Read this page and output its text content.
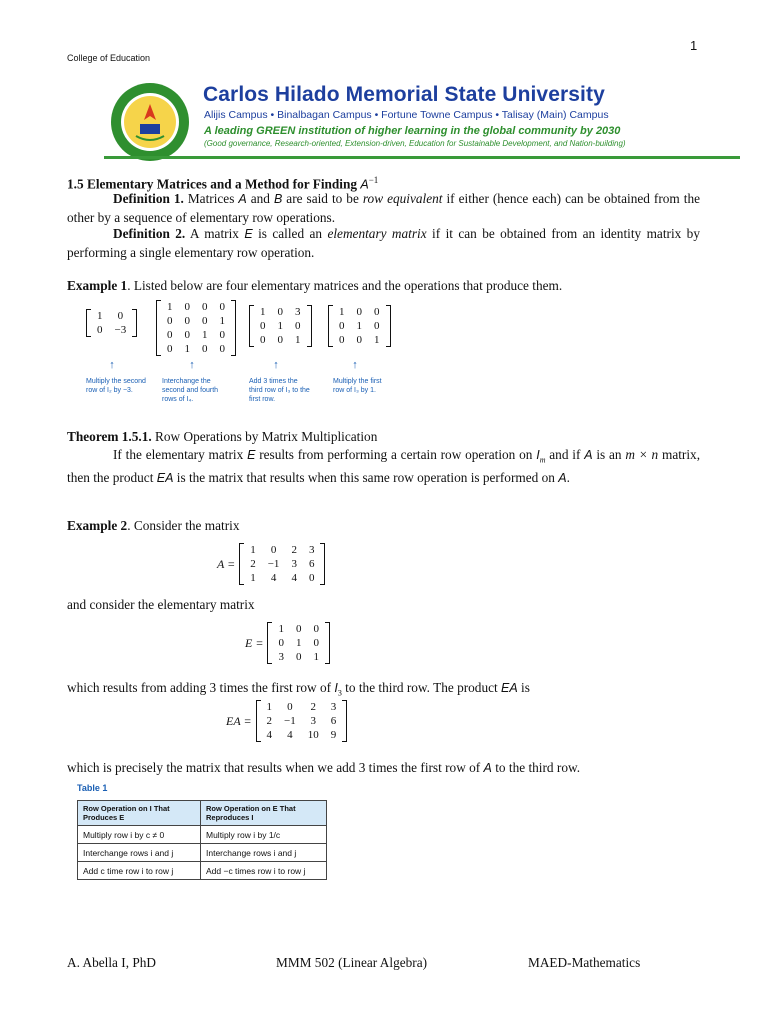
1
College of Education
Carlos Hilado Memorial State University
Alijis Campus • Binalbagan Campus • Fortune Towne Campus • Talisay (Main) Campus
A leading GREEN institution of higher learning in the global community by 2030
(Good governance, Research-oriented, Extension-driven, Education for Sustainable Development, and Nation-building)
1.5 Elementary Matrices and a Method for Finding $A^{-1}$
Definition 1. Matrices A and B are said to be row equivalent if either (hence each) can be obtained from the other by a sequence of elementary row operations.
Definition 2. A matrix E is called an elementary matrix if it can be obtained from an identity matrix by performing a single elementary row operation.
Example 1. Listed below are four elementary matrices and the operations that produce them.
1	0
0	−3
1	0	0	0
0	0	0	1
0	0	1	0
0	1	0	0
1	0	3
0	1	0
0	0	1
1	0	0
0	1	0
0	0	1
↑	↑	↑	↑
Multiply the second row of I₂ by −3.
Interchange the second and fourth rows of I₄.
Add 3 times the third row of I₃ to the first row.
Multiply the first row of I₃ by 1.
Theorem 1.5.1. Row Operations by Matrix Multiplication
If the elementary matrix E results from performing a certain row operation on $I_m$ and if A is an m × n matrix, then the product EA is the matrix that results when this same row operation is performed on A.
Example 2. Consider the matrix
A =
1	0	2	3
2	−1	3	6
1	4	4	0
and consider the elementary matrix
E =
1	0	0
0	1	0
3	0	1
which results from adding 3 times the first row of $I_3$ to the third row. The product EA is
EA =
1	0	2	3
2	−1	3	6
4	4	10	9
which is precisely the matrix that results when we add 3 times the first row of A to the third row.
Table 1
Row Operation on I That Produces E	Row Operation on E That Reproduces I
Multiply row i by c ≠ 0	Multiply row i by 1/c
Interchange rows i and j	Interchange rows i and j
Add c time row i to row j	Add −c times row i to row j
A. Abella I, PhD	MMM 502 (Linear Algebra)	MAED-Mathematics
